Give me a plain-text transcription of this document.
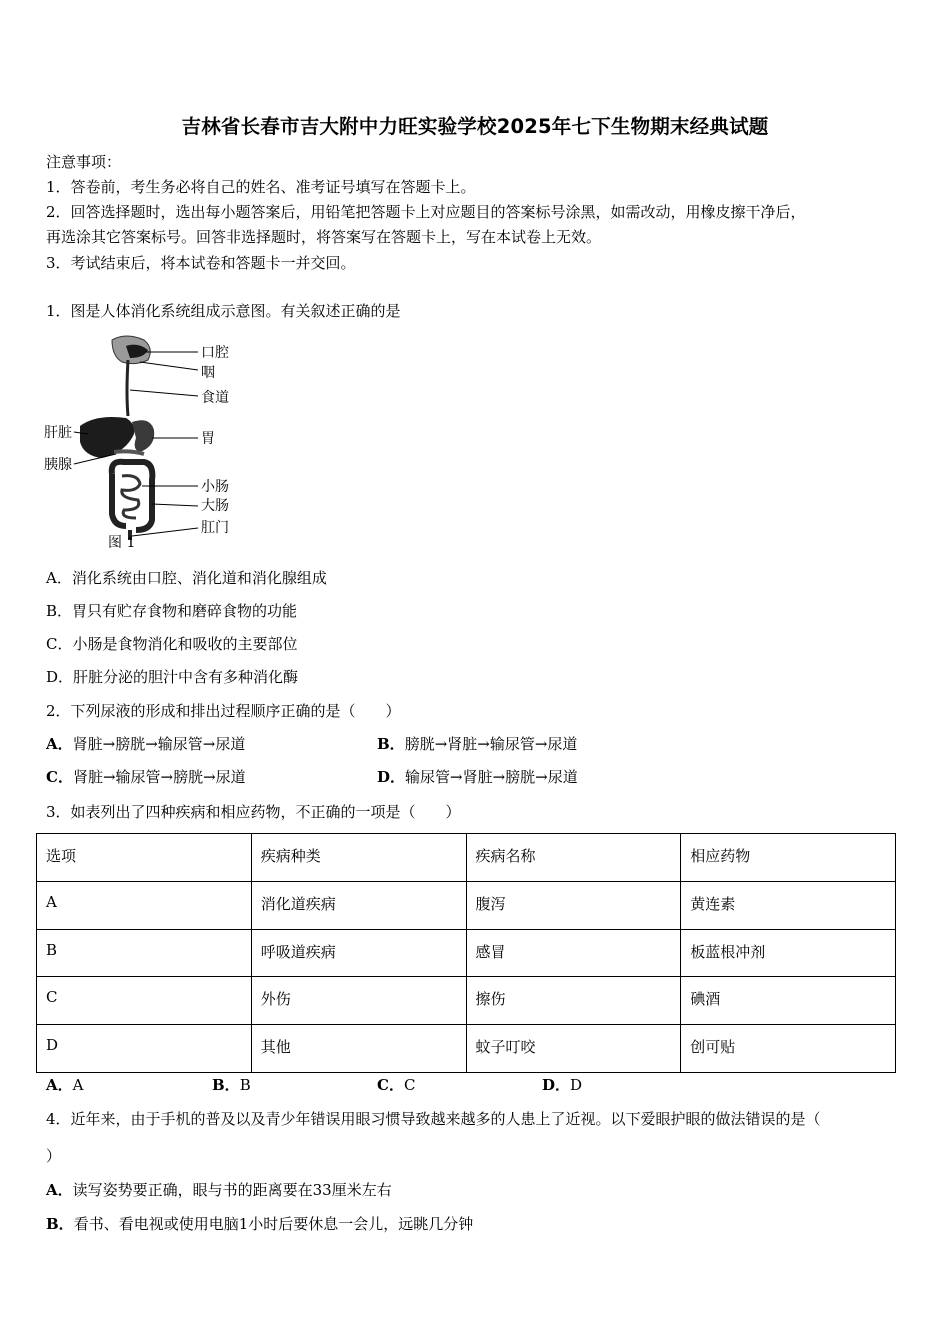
吉林省长春市吉大附中力旺实验学校2025年七下生物期末经典试题
注意事项：
1．答卷前，考生务必将自己的姓名、准考证号填写在答题卡上。
2．回答选择题时，选出每小题答案后，用铅笔把答题卡上对应题目的答案标号涂黑，如需改动，用橡皮擦干净后，
再选涂其它答案标号。回答非选择题时，将答案写在答题卡上，写在本试卷上无效。
3．考试结束后，将本试卷和答题卡一并交回。
1．图是人体消化系统组成示意图。有关叙述正确的是
口腔
咽
食道
胃
小肠
大肠
肛门
肝脏
胰腺
图 1
A．消化系统由口腔、消化道和消化腺组成
B．胃只有贮存食物和磨碎食物的功能
C．小肠是食物消化和吸收的主要部位
D．肝脏分泌的胆汁中含有多种消化酶
2．下列尿液的形成和排出过程顺序正确的是（　　）
A．肾脏→膀胱→输尿管→尿道	B．膀胱→肾脏→输尿管→尿道
C．肾脏→输尿管→膀胱→尿道	D．输尿管→肾脏→膀胱→尿道
3．如表列出了四种疾病和相应药物，不正确的一项是（　　）
选项	疾病种类	疾病名称	相应药物
A	消化道疾病	腹泻	黄连素
B	呼吸道疾病	感冒	板蓝根冲剂
C	外伤	擦伤	碘酒
D	其他	蚊子叮咬	创可贴
A．A	B．B	C．C	D．D
4．近年来，由于手机的普及以及青少年错误用眼习惯导致越来越多的人患上了近视。以下爱眼护眼的做法错误的是（
）
A．读写姿势要正确，眼与书的距离要在33厘米左右
B．看书、看电视或使用电脑1小时后要休息一会儿，远眺几分钟
